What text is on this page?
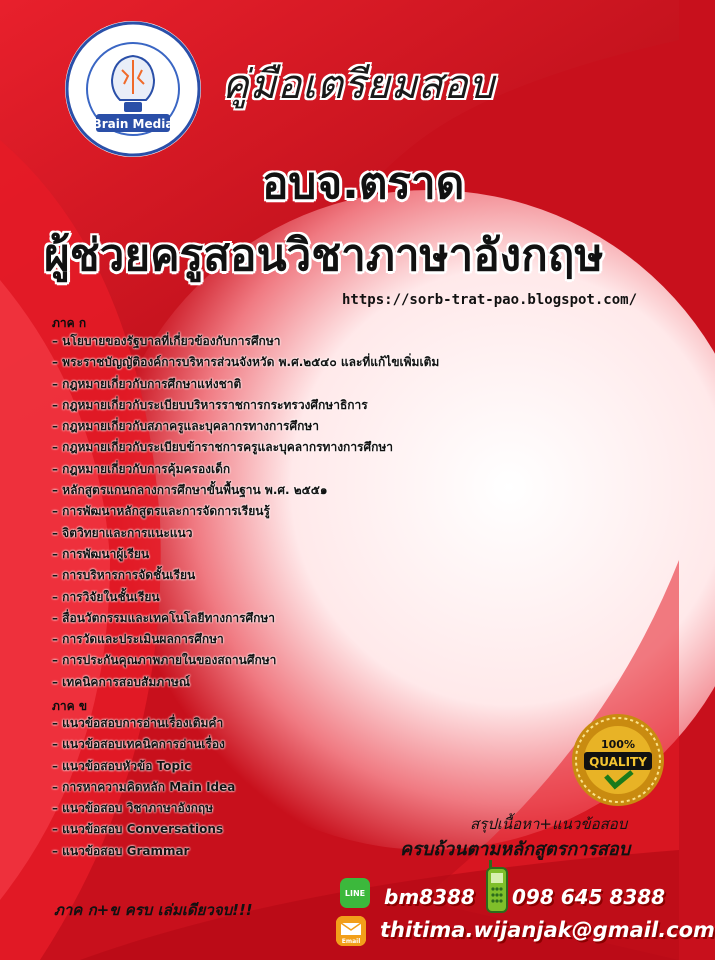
Brain Media
คู่มือเตรียมสอบ
อบจ.ตราด
ผู้ช่วยครูสอนวิชาภาษาอังกฤษ
https://sorb-trat-pao.blogspot.com/
ภาค ก
– นโยบายของรัฐบาลที่เกี่ยวข้องกับการศึกษา
– พระราชบัญญัติองค์การบริหารส่วนจังหวัด พ.ศ.๒๕๔๐ และที่แก้ไขเพิ่มเติม
– กฎหมายเกี่ยวกับการศึกษาแห่งชาติ
– กฎหมายเกี่ยวกับระเบียบบริหารราชการกระทรวงศึกษาธิการ
– กฎหมายเกี่ยวกับสภาครูและบุคลากรทางการศึกษา
– กฎหมายเกี่ยวกับระเบียบข้าราชการครูและบุคลากรทางการศึกษา
– กฎหมายเกี่ยวกับการคุ้มครองเด็ก
– หลักสูตรแกนกลางการศึกษาขั้นพื้นฐาน พ.ศ. ๒๕๕๑
– การพัฒนาหลักสูตรและการจัดการเรียนรู้
– จิตวิทยาและการแนะแนว
– การพัฒนาผู้เรียน
– การบริหารการจัดชั้นเรียน
– การวิจัยในชั้นเรียน
– สื่อนวัตกรรมและเทคโนโลยีทางการศึกษา
– การวัดและประเมินผลการศึกษา
– การประกันคุณภาพภายในของสถานศึกษา
– เทคนิคการสอบสัมภาษณ์
ภาค ข
– แนวข้อสอบการอ่านเรื่องเติมคำ
– แนวข้อสอบเทคนิคการอ่านเรื่อง
– แนวข้อสอบหัวข้อ Topic
– การหาความคิดหลัก Main Idea
– แนวข้อสอบ วิชาภาษาอังกฤษ
– แนวข้อสอบ Conversations
– แนวข้อสอบ Grammar
100%
QUALITY
สรุปเนื้อหา+แนวข้อสอบ
ครบถ้วนตามหลักสูตรการสอบ
ภาค ก+ข ครบ เล่มเดียวจบ!!!
LINE bm8388 098 645 8388
Email thitima.wijanjak@gmail.com
